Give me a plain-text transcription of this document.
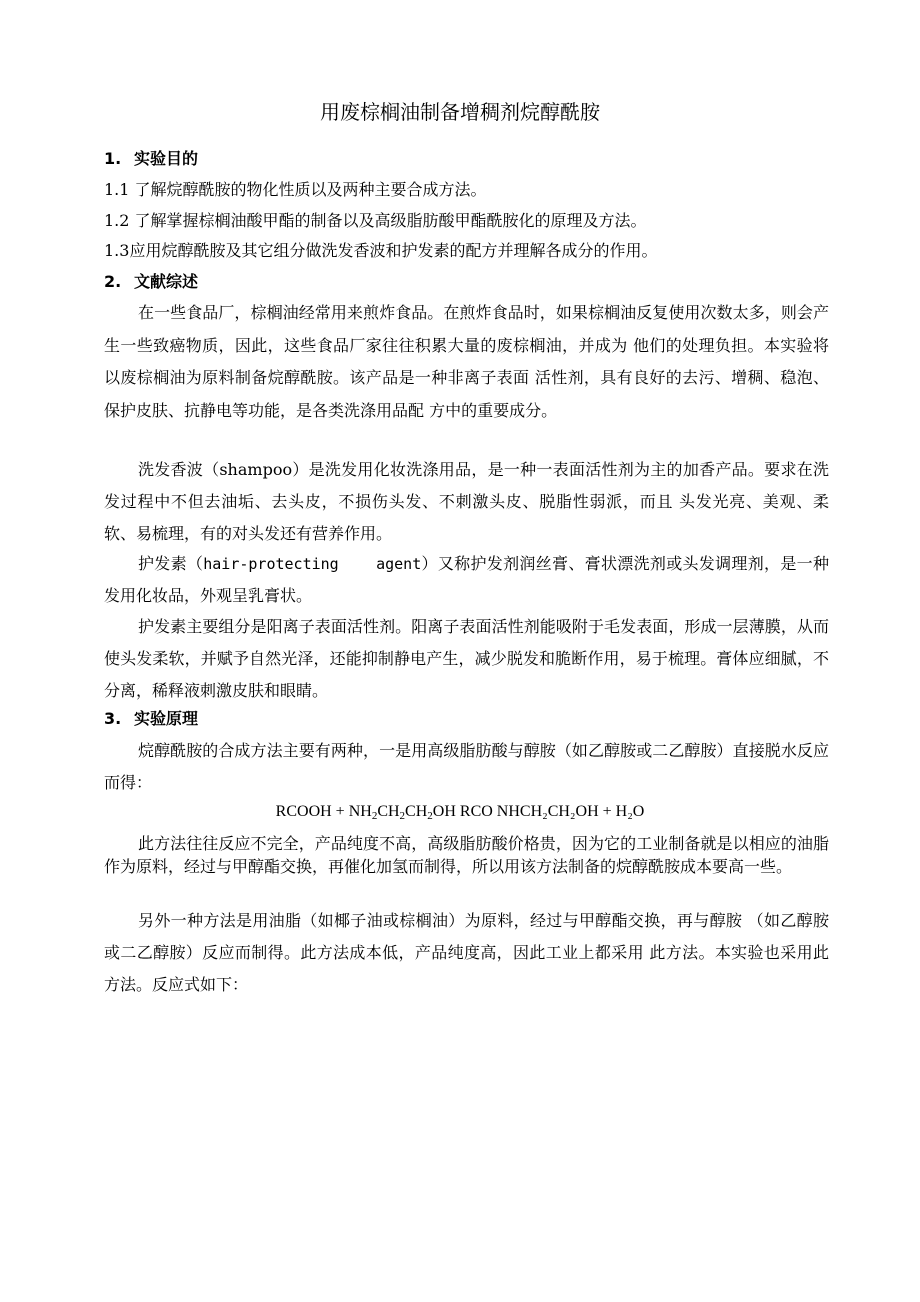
用废棕榈油制备增稠剂烷醇酰胺
1. 实验目的
1.1 了解烷醇酰胺的物化性质以及两种主要合成方法。
1.2 了解掌握棕榈油酸甲酯的制备以及高级脂肪酸甲酯酰胺化的原理及方法。
1.3应用烷醇酰胺及其它组分做洗发香波和护发素的配方并理解各成分的作用。
2. 文献综述
在一些食品厂，棕榈油经常用来煎炸食品。在煎炸食品时，如果棕榈油反复使用次数太多，则会产生一些致癌物质，因此，这些食品厂家往往积累大量的废棕榈油，并成为 他们的处理负担。本实验将以废棕榈油为原料制备烷醇酰胺。该产品是一种非离子表面 活性剂，具有良好的去污、增稠、稳泡、保护皮肤、抗静电等功能，是各类洗涤用品配 方中的重要成分。
洗发香波（shampoo）是洗发用化妆洗涤用品，是一种一表面活性剂为主的加香产品。要求在洗发过程中不但去油垢、去头皮，不损伤头发、不刺激头皮、脱脂性弱派，而且 头发光亮、美观、柔软、易梳理，有的对头发还有营养作用。
护发素（hair-protecting    agent）又称护发剂润丝膏、膏状漂洗剂或头发调理剂，是一种发用化妆品，外观呈乳膏状。
护发素主要组分是阳离子表面活性剂。阳离子表面活性剂能吸附于毛发表面，形成一层薄膜，从而使头发柔软，并赋予自然光泽，还能抑制静电产生，减少脱发和脆断作用，易于梳理。膏体应细腻，不分离，稀释液刺激皮肤和眼睛。
3. 实验原理
烷醇酰胺的合成方法主要有两种，一是用高级脂肪酸与醇胺（如乙醇胺或二乙醇胺）直接脱水反应而得：
RCOOH + $NH_2CH_2CH_2OH$ RCO NHCH₂CH₂OH + H₂O
此方法往往反应不完全，产品纯度不高，高级脂肪酸价格贵，因为它的工业制备就是以相应的油脂作为原料，经过与甲醇酯交换，再催化加氢而制得，所以用该方法制备的烷醇酰胺成本要高一些。
另外一种方法是用油脂（如椰子油或棕榈油）为原料，经过与甲醇酯交换，再与醇胺 （如乙醇胺或二乙醇胺）反应而制得。此方法成本低，产品纯度高，因此工业上都采用 此方法。本实验也采用此方法。反应式如下：
